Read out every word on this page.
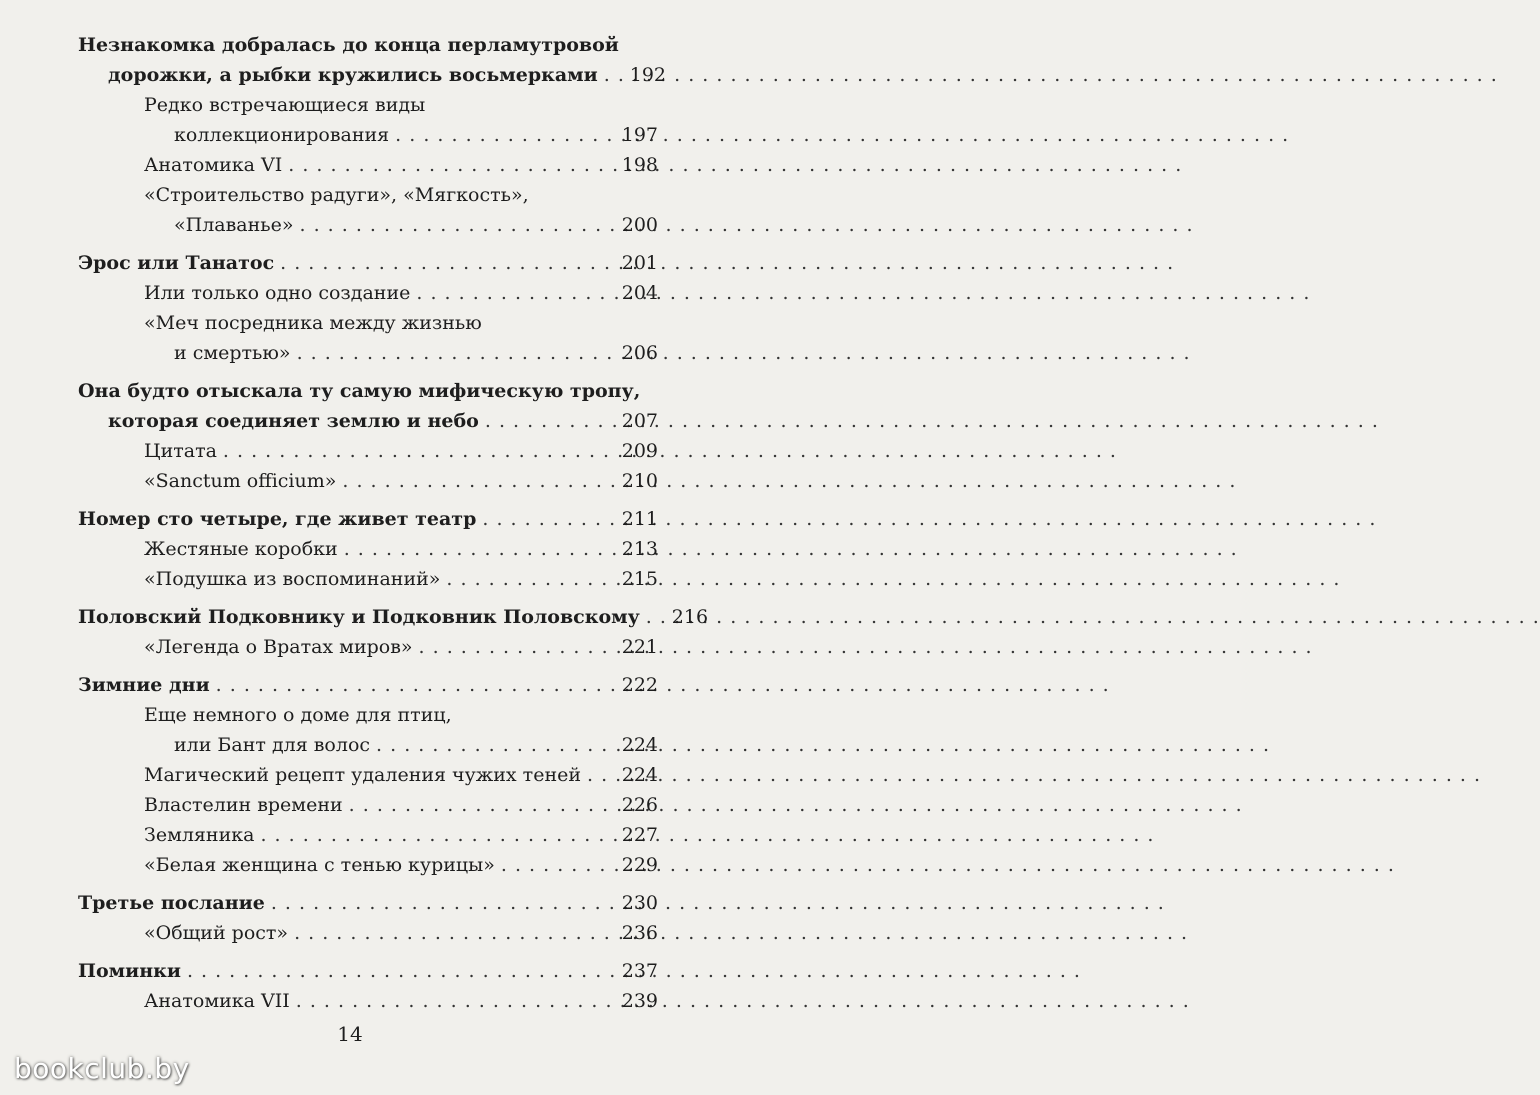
Незнакомка добралась до конца перламутровой
дорожки, а рыбки кружились восьмерками . . . 192
Редко встречающиеся виды
коллекционирования . . .	197
Анатомика VI . . .	198
«Строительство радуги», «Мягкость»,
«Плаванье» . . .	200
Эрос или Танатос . . .	201
Или только одно создание . . .	204
«Меч посредника между жизнью
и смертью» . . .	206
Она будто отыскала ту самую мифическую тропу,
которая соединяет землю и небо . . .	207
Цитата . . .	209
«Sanctum officium» . . .	210
Номер сто четыре, где живет театр . . .	211
Жестяные коробки . . .	213
«Подушка из воспоминаний» . . .	215
Половский Подковнику и Подковник Половскому . . . 216
«Легенда о Вратах миров» . . .	221
Зимние дни . . .	222
Еще немного о доме для птиц,
или Бант для волос . . .	224
Магический рецепт удаления чужих теней . . . 224
Властелин времени . . .	226
Земляника . . .	227
«Белая женщина с тенью курицы» . . .	229
Третье послание . . .	230
«Общий рост» . . .	236
Поминки . . .	237
Анатомика VII . . .	239
14
bookclub.by
